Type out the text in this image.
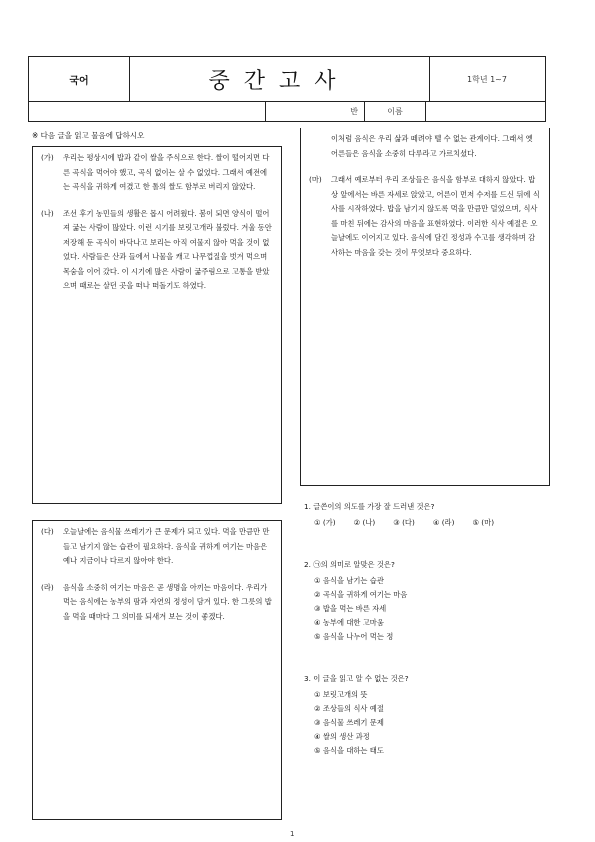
국어	중간고사	1학년 1~7
반	이름
※ 다음 글을 읽고 물음에 답하시오
(가)	우리는 평상시에 밥과 같이 쌀을 주식으로 한다. 쌀이 떨어지면 다른 곡식을 먹어야 했고, 곡식 없이는 살 수 없었다. 그래서 예전에는 곡식을 귀하게 여겼고 한 톨의 쌀도 함부로 버리지 않았다.
(나)	조선 후기 농민들의 생활은 몹시 어려웠다. 봄이 되면 양식이 떨어져 굶는 사람이 많았다. 이런 시기를 보릿고개라 불렀다. 겨울 동안 저장해 둔 곡식이 바닥나고 보리는 아직 여물지 않아 먹을 것이 없었다. 사람들은 산과 들에서 나물을 캐고 나무껍질을 벗겨 먹으며 목숨을 이어 갔다. 이 시기에 많은 사람이 굶주림으로 고통을 받았으며 때로는 살던 곳을 떠나 떠돌기도 하였다.
(다)	오늘날에는 음식물 쓰레기가 큰 문제가 되고 있다. 먹을 만큼만 만들고 남기지 않는 습관이 필요하다. 음식을 귀하게 여기는 마음은 예나 지금이나 다르지 않아야 한다.
(라)	음식을 소중히 여기는 마음은 곧 생명을 아끼는 마음이다. 우리가 먹는 음식에는 농부의 땀과 자연의 정성이 담겨 있다. 한 그릇의 밥을 먹을 때마다 그 의미를 되새겨 보는 것이 좋겠다.
이처럼 음식은 우리 삶과 떼려야 뗄 수 없는 관계이다. 그래서 옛 어른들은 음식을 소중히 다루라고 가르치셨다.
(마)	그래서 예로부터 우리 조상들은 음식을 함부로 대하지 않았다. 밥상 앞에서는 바른 자세로 앉았고, 어른이 먼저 수저를 드신 뒤에 식사를 시작하였다. 밥을 남기지 않도록 먹을 만큼만 덜었으며, 식사를 마친 뒤에는 감사의 마음을 표현하였다. 이러한 식사 예절은 오늘날에도 이어지고 있다. 음식에 담긴 정성과 수고를 생각하며 감사하는 마음을 갖는 것이 무엇보다 중요하다.
1. 글쓴이의 의도를 가장 잘 드러낸 것은?
① (가) ② (나) ③ (다) ④ (라) ⑤ (마)
2. ㉠의 의미로 알맞은 것은?
① 음식을 남기는 습관
② 곡식을 귀하게 여기는 마음
③ 밥을 먹는 바른 자세
④ 농부에 대한 고마움
⑤ 음식을 나누어 먹는 정
3. 이 글을 읽고 알 수 없는 것은?
① 보릿고개의 뜻
② 조상들의 식사 예절
③ 음식물 쓰레기 문제
④ 쌀의 생산 과정
⑤ 음식을 대하는 태도
1
